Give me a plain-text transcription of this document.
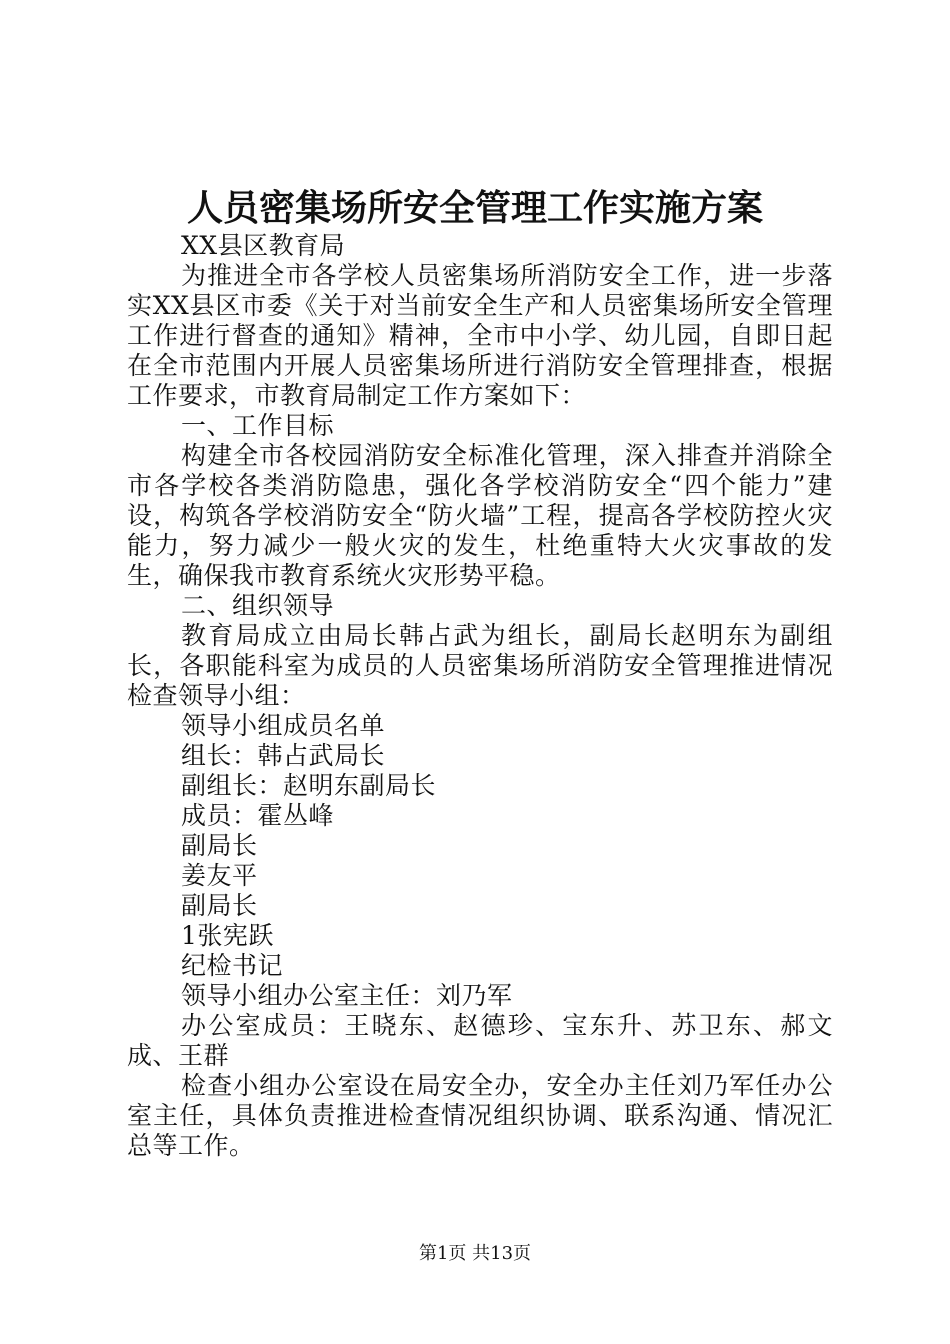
人员密集场所安全管理工作实施方案

XX县区教育局

为推进全市各学校人员密集场所消防安全工作，进一步落实XX县区市委《关于对当前安全生产和人员密集场所安全管理工作进行督查的通知》精神，全市中小学、幼儿园，自即日起在全市范围内开展人员密集场所进行消防安全管理排查，根据工作要求，市教育局制定工作方案如下：

一、工作目标

构建全市各校园消防安全标准化管理，深入排查并消除全市各学校各类消防隐患，强化各学校消防安全“四个能力”建设，构筑各学校消防安全“防火墙”工程，提高各学校防控火灾能力，努力减少一般火灾的发生，杜绝重特大火灾事故的发生，确保我市教育系统火灾形势平稳。

二、组织领导

教育局成立由局长韩占武为组长，副局长赵明东为副组长，各职能科室为成员的人员密集场所消防安全管理推进情况检查领导小组：

领导小组成员名单

组长：韩占武局长

副组长：赵明东副局长

成员：霍丛峰

副局长

姜友平

副局长

1张宪跃

纪检书记

领导小组办公室主任：刘乃军

办公室成员：王晓东、赵德珍、宝东升、苏卫东、郝文成、王群

检查小组办公室设在局安全办，安全办主任刘乃军任办公室主任，具体负责推进检查情况组织协调、联系沟通、情况汇总等工作。

第1页 共13页
